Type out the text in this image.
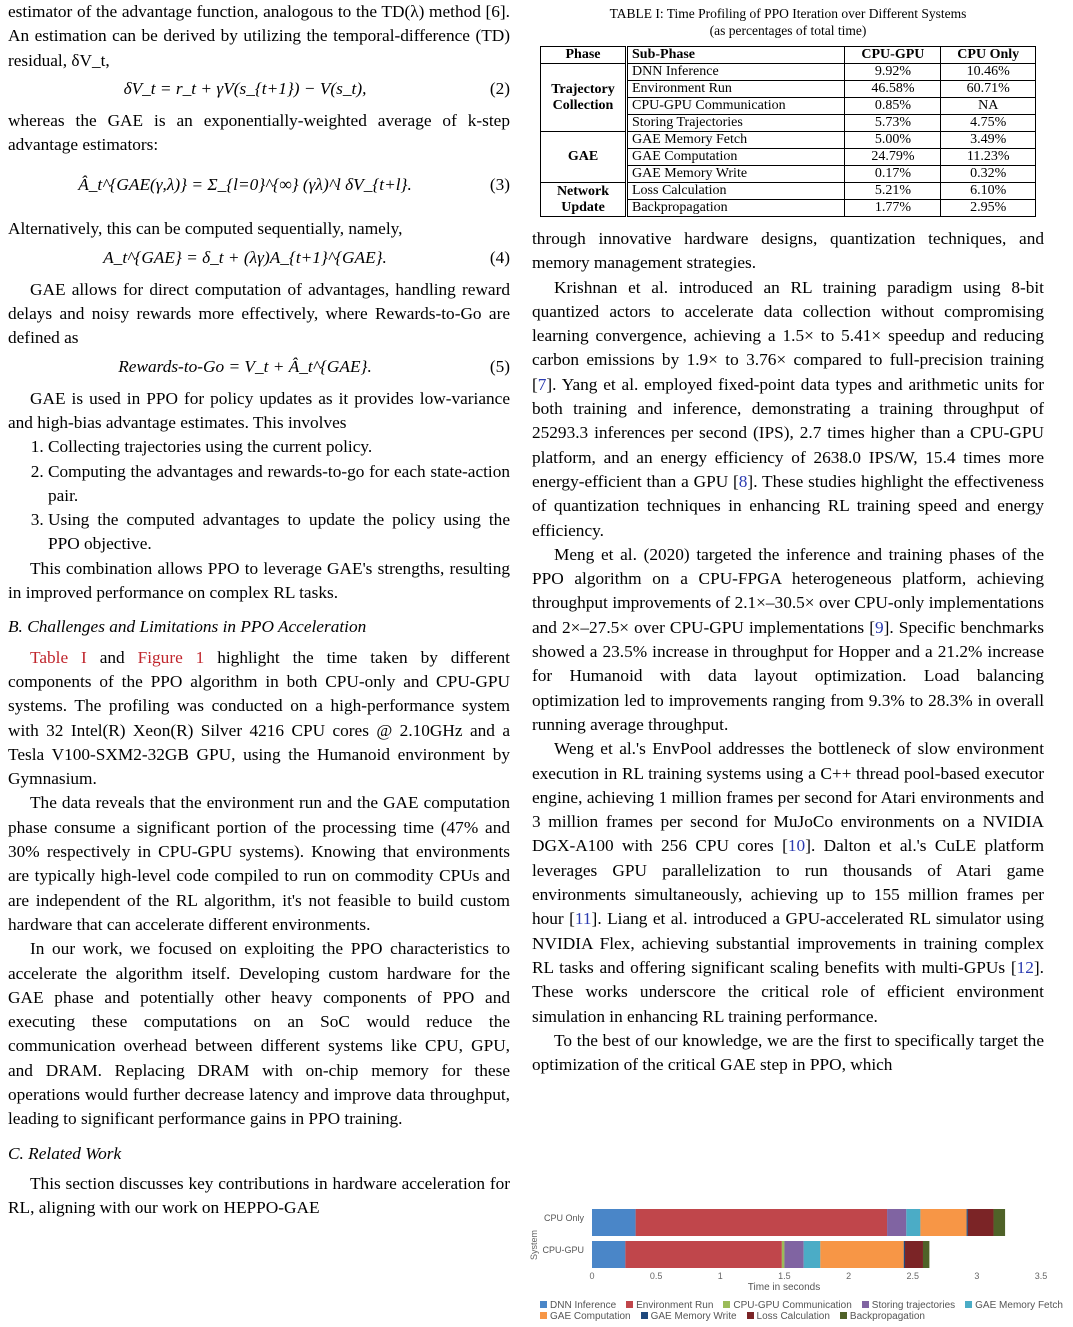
estimator of the advantage function, analogous to the TD(λ) method [6]. An estimation can be derived by utilizing the temporal-difference (TD) residual, δV_t,

δV_t = r_t + γV(s_{t+1}) − V(s_t),	(2)

whereas the GAE is an exponentially-weighted average of k-step advantage estimators:

Â_t^{GAE(γ,λ)} = Σ_{l=0}^{∞} (γλ)^l δV_{t+l}.	(3)

Alternatively, this can be computed sequentially, namely,

A_t^{GAE} = δ_t + (λγ)A_{t+1}^{GAE}.	(4)

GAE allows for direct computation of advantages, handling reward delays and noisy rewards more effectively, where Rewards-to-Go are defined as

Rewards-to-Go = V_t + Â_t^{GAE}.	(5)

GAE is used in PPO for policy updates as it provides low-variance and high-bias advantage estimates. This involves

1. Collecting trajectories using the current policy.
2. Computing the advantages and rewards-to-go for each state-action pair.
3. Using the computed advantages to update the policy using the PPO objective.

This combination allows PPO to leverage GAE's strengths, resulting in improved performance on complex RL tasks.

B. Challenges and Limitations in PPO Acceleration

Table I and Figure 1 highlight the time taken by different components of the PPO algorithm in both CPU-only and CPU-GPU systems. The profiling was conducted on a high-performance system with 32 Intel(R) Xeon(R) Silver 4216 CPU cores @ 2.10GHz and a Tesla V100-SXM2-32GB GPU, using the Humanoid environment by Gymnasium.

The data reveals that the environment run and the GAE computation phase consume a significant portion of the processing time (47% and 30% respectively in CPU-GPU systems). Knowing that environments are typically high-level code compiled to run on commodity CPUs and are independent of the RL algorithm, it's not feasible to build custom hardware that can accelerate different environments.

In our work, we focused on exploiting the PPO characteristics to accelerate the algorithm itself. Developing custom hardware for the GAE phase and potentially other heavy components of PPO and executing these computations on an SoC would reduce the communication overhead between different systems like CPU, GPU, and DRAM. Replacing DRAM with on-chip memory for these operations would further decrease latency and improve data throughput, leading to significant performance gains in PPO training.

C. Related Work

This section discusses key contributions in hardware acceleration for RL, aligning with our work on HEPPO-GAE

TABLE I: Time Profiling of PPO Iteration over Different Systems
(as percentages of total time)
Phase	Sub-Phase	CPU-GPU	CPU Only

Trajectory
Collection	DNN Inference	9.92%	10.46%
	Environment Run	46.58%	60.71%
	CPU-GPU Communication	0.85%	NA
	Storing Trajectories	5.73%	4.75%

GAE	GAE Memory Fetch	5.00%	3.49%
	GAE Computation	24.79%	11.23%
	GAE Memory Write	0.17%	0.32%

Network
Update	Loss Calculation	5.21%	6.10%
	Backpropagation	1.77%	2.95%

through innovative hardware designs, quantization techniques, and memory management strategies.

Krishnan et al. introduced an RL training paradigm using 8-bit quantized actors to accelerate data collection without compromising learning convergence, achieving a 1.5× to 5.41× speedup and reducing carbon emissions by 1.9× to 3.76× compared to full-precision training [7]. Yang et al. employed fixed-point data types and arithmetic units for both training and inference, demonstrating a training throughput of 25293.3 inferences per second (IPS), 2.7 times higher than a CPU-GPU platform, and an energy efficiency of 2638.0 IPS/W, 15.4 times more energy-efficient than a GPU [8]. These studies highlight the effectiveness of quantization techniques in enhancing RL training speed and energy efficiency.

Meng et al. (2020) targeted the inference and training phases of the PPO algorithm on a CPU-FPGA heterogeneous platform, achieving throughput improvements of 2.1×–30.5× over CPU-only implementations and 2×–27.5× over CPU-GPU implementations [9]. Specific benchmarks showed a 23.5% increase in throughput for Hopper and a 21.2% increase for Humanoid with data layout optimization. Load balancing optimization led to improvements ranging from 9.3% to 28.3% in overall running average throughput.

Weng et al.'s EnvPool addresses the bottleneck of slow environment execution in RL training systems using a C++ thread pool-based executor engine, achieving 1 million frames per second for Atari environments and 3 million frames per second for MuJoCo environments on a NVIDIA DGX-A100 with 256 CPU cores [10]. Dalton et al.'s CuLE platform leverages GPU parallelization to run thousands of Atari game environments simultaneously, achieving up to 155 million frames per hour [11]. Liang et al. introduced a GPU-accelerated RL simulator using NVIDIA Flex, achieving substantial improvements in training complex RL tasks and offering significant scaling benefits with multi-GPUs [12]. These works underscore the critical role of efficient environment simulation in enhancing RL training performance.

To the best of our knowledge, we are the first to specifically target the optimization of the critical GAE step in PPO, which

System
CPU Only
CPU-GPU
0	0.5	1	1.5	2	2.5	3	3.5
Time in seconds
DNN Inference Environment Run CPU-GPU Communication Storing trajectories GAE Memory Fetch
GAE Computation GAE Memory Write Loss Calculation Backpropagation
